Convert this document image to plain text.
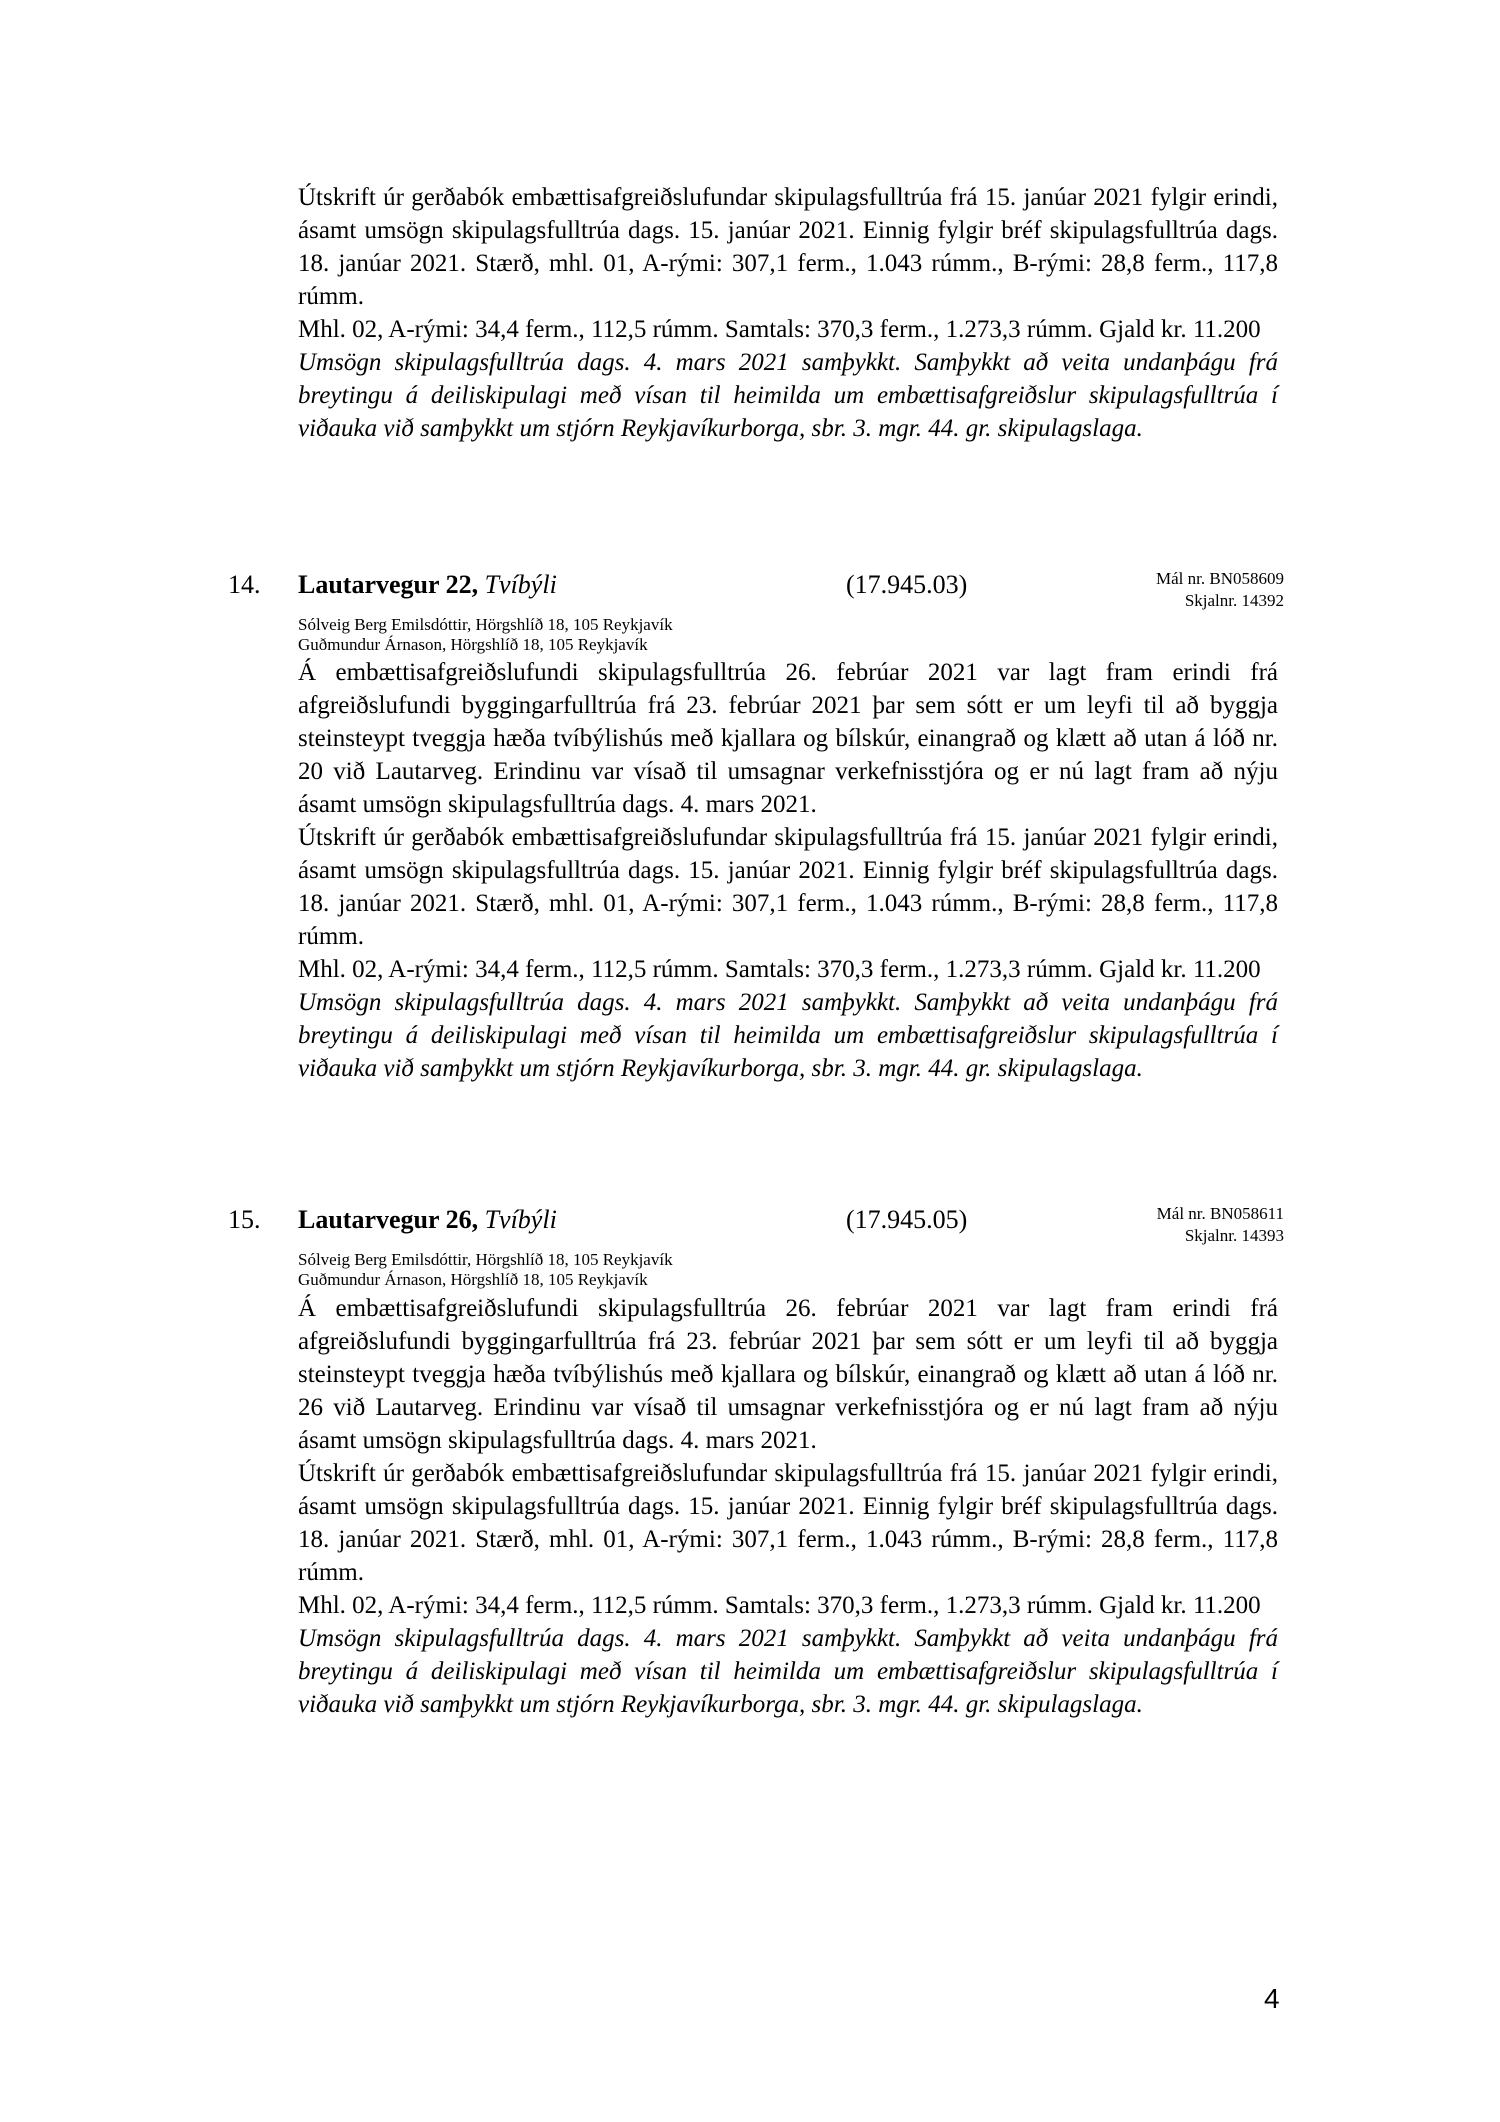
Útskrift úr gerðabók embættisafgreiðslufundar skipulagsfulltrúa frá 15. janúar 2021 fylgir erindi, ásamt umsögn skipulagsfulltrúa dags. 15. janúar 2021. Einnig fylgir bréf skipulagsfulltrúa dags. 18. janúar 2021. Stærð, mhl. 01, A-rými: 307,1 ferm., 1.043 rúmm., B-rými: 28,8 ferm., 117,8 rúmm.

Mhl. 02, A-rými: 34,4 ferm., 112,5 rúmm. Samtals: 370,3 ferm., 1.273,3 rúmm. Gjald kr. 11.200

Umsögn skipulagsfulltrúa dags. 4. mars 2021 samþykkt. Samþykkt að veita undanþágu frá breytingu á deiliskipulagi með vísan til heimilda um embættisafgreiðslur skipulagsfulltrúa í viðauka við samþykkt um stjórn Reykjavíkurborga, sbr. 3. mgr. 44. gr. skipulagslaga.

14. Lautarvegur 22, Tvíbýli	(17.945.03)	Mál nr. BN058609
Skjalnr. 14392
Sólveig Berg Emilsdóttir, Hörgshlíð 18, 105 Reykjavík
Guðmundur Árnason, Hörgshlíð 18, 105 Reykjavík

Á embættisafgreiðslufundi skipulagsfulltrúa 26. febrúar 2021 var lagt fram erindi frá afgreiðslufundi byggingarfulltrúa frá 23. febrúar 2021 þar sem sótt er um leyfi til að byggja steinsteypt tveggja hæða tvíbýlishús með kjallara og bílskúr, einangrað og klætt að utan á lóð nr. 20 við Lautarveg. Erindinu var vísað til umsagnar verkefnisstjóra og er nú lagt fram að nýju ásamt umsögn skipulagsfulltrúa dags. 4. mars 2021.

Útskrift úr gerðabók embættisafgreiðslufundar skipulagsfulltrúa frá 15. janúar 2021 fylgir erindi, ásamt umsögn skipulagsfulltrúa dags. 15. janúar 2021. Einnig fylgir bréf skipulagsfulltrúa dags. 18. janúar 2021. Stærð, mhl. 01, A-rými: 307,1 ferm., 1.043 rúmm., B-rými: 28,8 ferm., 117,8 rúmm.

Mhl. 02, A-rými: 34,4 ferm., 112,5 rúmm. Samtals: 370,3 ferm., 1.273,3 rúmm. Gjald kr. 11.200

Umsögn skipulagsfulltrúa dags. 4. mars 2021 samþykkt. Samþykkt að veita undanþágu frá breytingu á deiliskipulagi með vísan til heimilda um embættisafgreiðslur skipulagsfulltrúa í viðauka við samþykkt um stjórn Reykjavíkurborga, sbr. 3. mgr. 44. gr. skipulagslaga.

15. Lautarvegur 26, Tvíbýli	(17.945.05)	Mál nr. BN058611
Skjalnr. 14393
Sólveig Berg Emilsdóttir, Hörgshlíð 18, 105 Reykjavík
Guðmundur Árnason, Hörgshlíð 18, 105 Reykjavík

Á embættisafgreiðslufundi skipulagsfulltrúa 26. febrúar 2021 var lagt fram erindi frá afgreiðslufundi byggingarfulltrúa frá 23. febrúar 2021 þar sem sótt er um leyfi til að byggja steinsteypt tveggja hæða tvíbýlishús með kjallara og bílskúr, einangrað og klætt að utan á lóð nr. 26 við Lautarveg. Erindinu var vísað til umsagnar verkefnisstjóra og er nú lagt fram að nýju ásamt umsögn skipulagsfulltrúa dags. 4. mars 2021.

Útskrift úr gerðabók embættisafgreiðslufundar skipulagsfulltrúa frá 15. janúar 2021 fylgir erindi, ásamt umsögn skipulagsfulltrúa dags. 15. janúar 2021. Einnig fylgir bréf skipulagsfulltrúa dags. 18. janúar 2021. Stærð, mhl. 01, A-rými: 307,1 ferm., 1.043 rúmm., B-rými: 28,8 ferm., 117,8 rúmm.

Mhl. 02, A-rými: 34,4 ferm., 112,5 rúmm. Samtals: 370,3 ferm., 1.273,3 rúmm. Gjald kr. 11.200

Umsögn skipulagsfulltrúa dags. 4. mars 2021 samþykkt. Samþykkt að veita undanþágu frá breytingu á deiliskipulagi með vísan til heimilda um embættisafgreiðslur skipulagsfulltrúa í viðauka við samþykkt um stjórn Reykjavíkurborga, sbr. 3. mgr. 44. gr. skipulagslaga.

4
